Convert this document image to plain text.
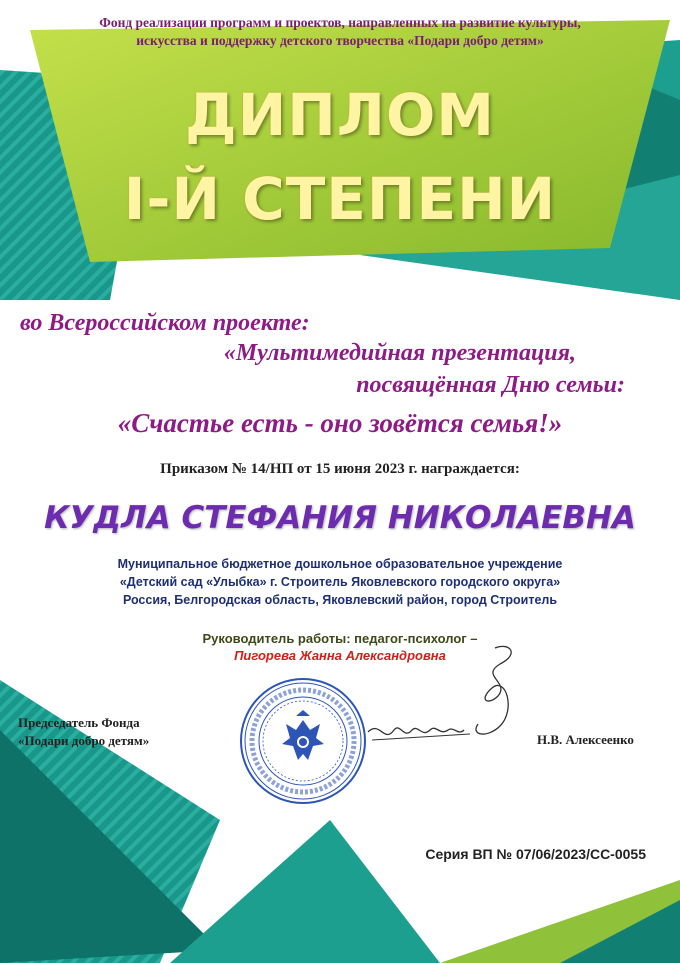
Фонд реализации программ и проектов, направленных на развитие культуры,
искусства и поддержку детского творчества «Подари добро детям»
ДИПЛОМ
I-Й СТЕПЕНИ
во Всероссийском проекте:
«Мультимедийная презентация,
посвящённая Дню семьи:
«Счастье есть - оно зовётся семья!»
Приказом № 14/НП от 15 июня 2023 г. награждается:
КУДЛА СТЕФАНИЯ НИКОЛАЕВНА
Муниципальное бюджетное дошкольное образовательное учреждение
«Детский сад «Улыбка» г. Строитель Яковлевского городского округа»
Россия, Белгородская область, Яковлевский район, город Строитель
Руководитель работы: педагог-психолог –
Пигорева Жанна Александровна
Председатель Фонда
«Подари добро детям»	Н.В. Алексеенко
Серия ВП № 07/06/2023/СС-0055
